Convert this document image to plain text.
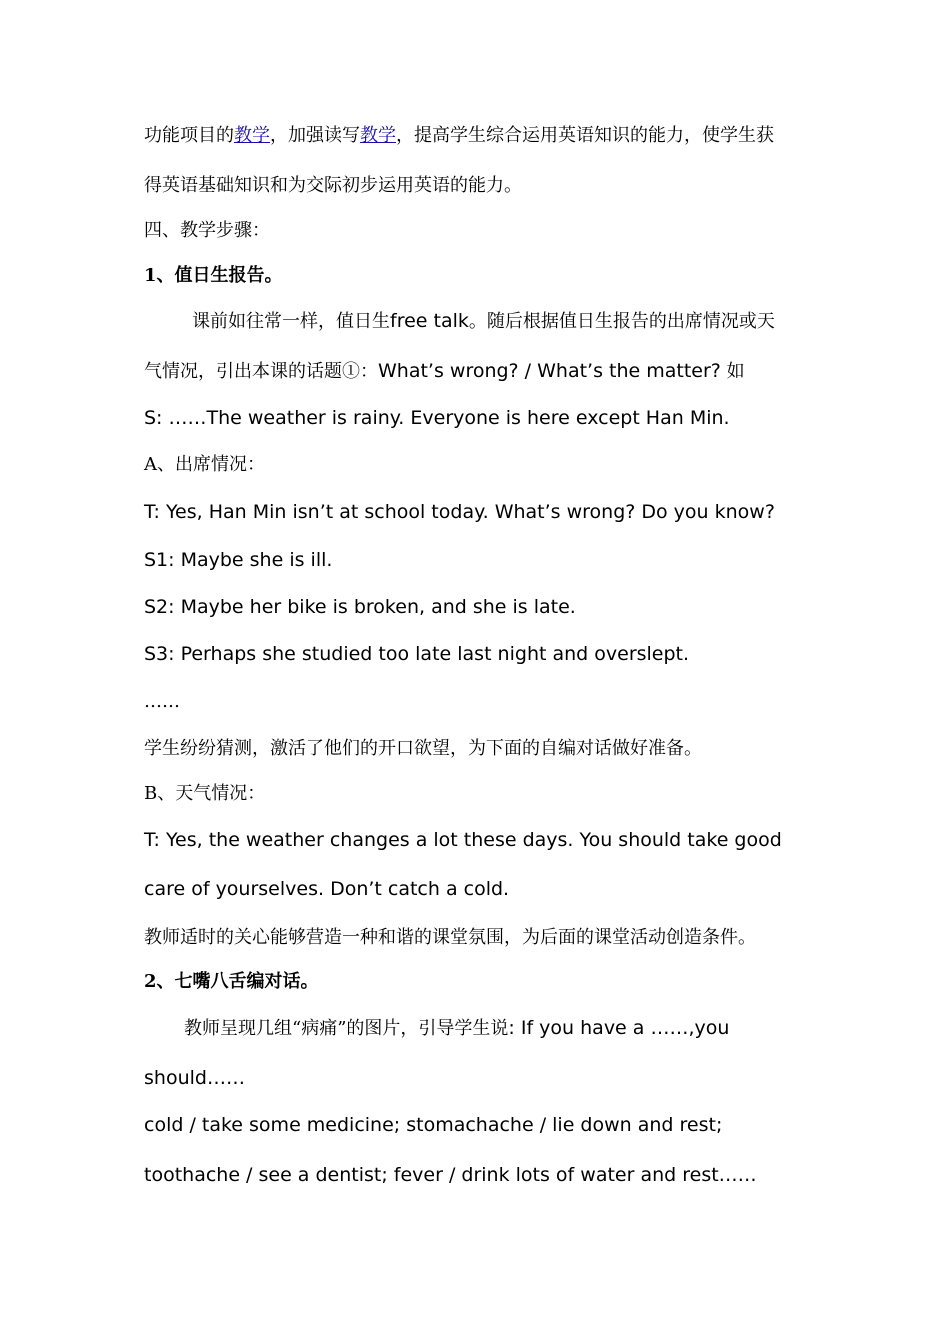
功能项目的教学，加强读写教学，提高学生综合运用英语知识的能力，使学生获
得英语基础知识和为交际初步运用英语的能力。
四、教学步骤：
1、值日生报告。
课前如往常一样，值日生free talk。随后根据值日生报告的出席情况或天
气情况，引出本课的话题①：What’s wrong? / What’s the matter? 如
S: ……The weather is rainy. Everyone is here except Han Min.
A、出席情况：
T: Yes, Han Min isn’t at school today. What’s wrong? Do you know?
S1: Maybe she is ill.
S2: Maybe her bike is broken, and she is late.
S3: Perhaps she studied too late last night and overslept.
……
学生纷纷猜测，激活了他们的开口欲望，为下面的自编对话做好准备。
B、天气情况：
T: Yes, the weather changes a lot these days. You should take good
care of yourselves. Don’t catch a cold.
教师适时的关心能够营造一种和谐的课堂氛围，为后面的课堂活动创造条件。
2、七嘴八舌编对话。
教师呈现几组“病痛”的图片，引导学生说: If you have a ……,you
should……
cold / take some medicine; stomachache / lie down and rest;
toothache / see a dentist; fever / drink lots of water and rest……
